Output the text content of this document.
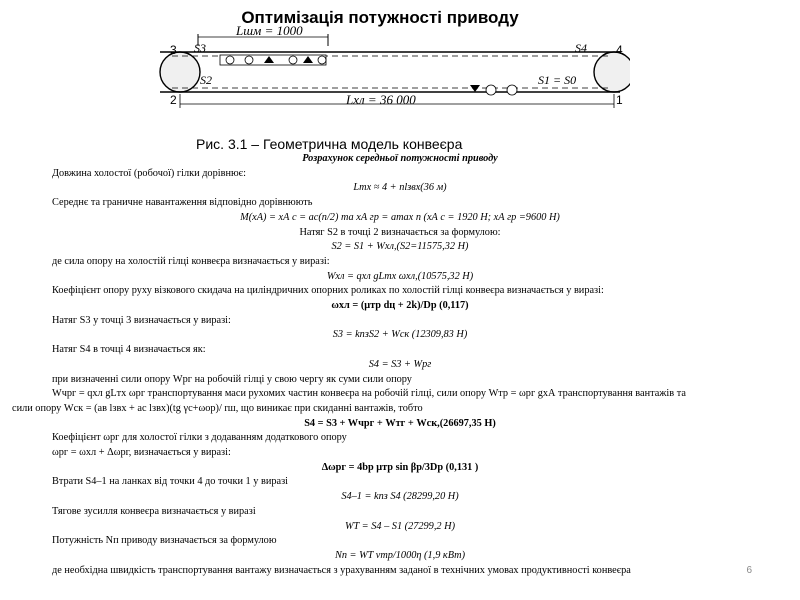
Оптимізація потужності приводу
Lшм = 1000
S3
S2
S4
S1 = S0
3
2
4
1
Lхл = 36 000
Рис. 3.1 – Геометрична модель конвеєра
Розрахунок середньої потужності приводу
Довжина холостої (робочої) гілки дорівнює:
Lтх ≈ 4 + nlзвх(36 м)
Середнє та граничне навантаження відповідно дорівнюють
M(xА) = xА с = ac(n/2) та xА гр = amax n (xА с = 1920 Н; xА гр =9600 Н)
Натяг S2 в точці 2 визначається за формулою:
S2 = S1 + Wхл,(S2=11575,32 Н)
де сила опору на холостій гілці конвеєра визначається у виразі:
Wхл = qхл gLтх ωхл,(10575,32 Н)
Коефіцієнт опору руху візкового скидача на циліндричних опорних роликах по холостій гілці конвеєра визначається у виразі:
ωхл = (μтр dц + 2k)/Dр (0,117)
Натяг S3 у точці 3 визначається у виразі:
S3 = kпзS2 + Wск (12309,83 Н)
Натяг S4 в точці 4 визначається як:
S4 = S3 + Wрг
при визначенні сили опору Wрг на робочій гілці у свою чергу як суми сили опору
Wчрг = qхл gLтх ωрг транспортування маси рухомих частин конвеєра на робочій гілці, сили опору Wтр = ωрг gxА транспортування вантажів та
сили опору Wск = (aв lзвх + ac lзвх)(tg γc+ωор)/ rш, що виникає при скиданні вантажів, тобто
S4 = S3 + Wчрг + Wтг + Wск,(26697,35 Н)
Коефіцієнт ωрг для холостої гілки з додаванням додаткового опору
ωрг = ωхл + Δωрг, визначається у виразі:
Δωрг = 4bр μтр sin βр/3Dр (0,131 )
Втрати S4–1 на ланках від точки 4 до точки 1 у виразі
S4–1 = kпз S4 (28299,20 Н)
Тягове зусилля конвеєра визначається у виразі
WT = S4 – S1 (27299,2 Н)
Потужність Nп приводу визначається за формулою
Nп = WT vтр/1000η (1,9 кВт)
де необхідна швидкість транспортування вантажу визначається з урахуванням заданої в технічних умовах продуктивності конвеєра	6
